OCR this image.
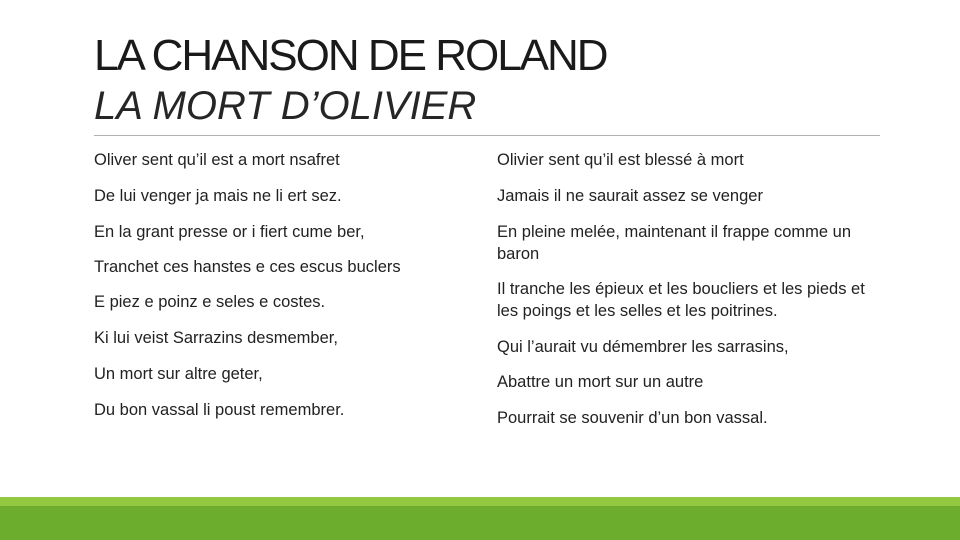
LA CHANSON DE ROLAND
LA MORT D’OLIVIER
Oliver sent qu’il est a mort nsafret
De lui venger ja mais ne li ert sez.
En la grant presse or i fiert cume ber,
Tranchet ces hanstes e ces escus buclers
E piez e poinz e seles e costes.
Ki lui veist Sarrazins desmember,
Un mort sur altre geter,
Du bon vassal li poust remembrer.
Olivier sent qu’il est blessé à mort
Jamais il ne saurait assez se venger
En pleine melée, maintenant il frappe comme un baron
Il tranche les épieux et les boucliers et les pieds et les poings et les selles et les poitrines.
Qui l’aurait vu démembrer les sarrasins,
Abattre un mort sur un autre
Pourrait se souvenir d’un bon vassal.
